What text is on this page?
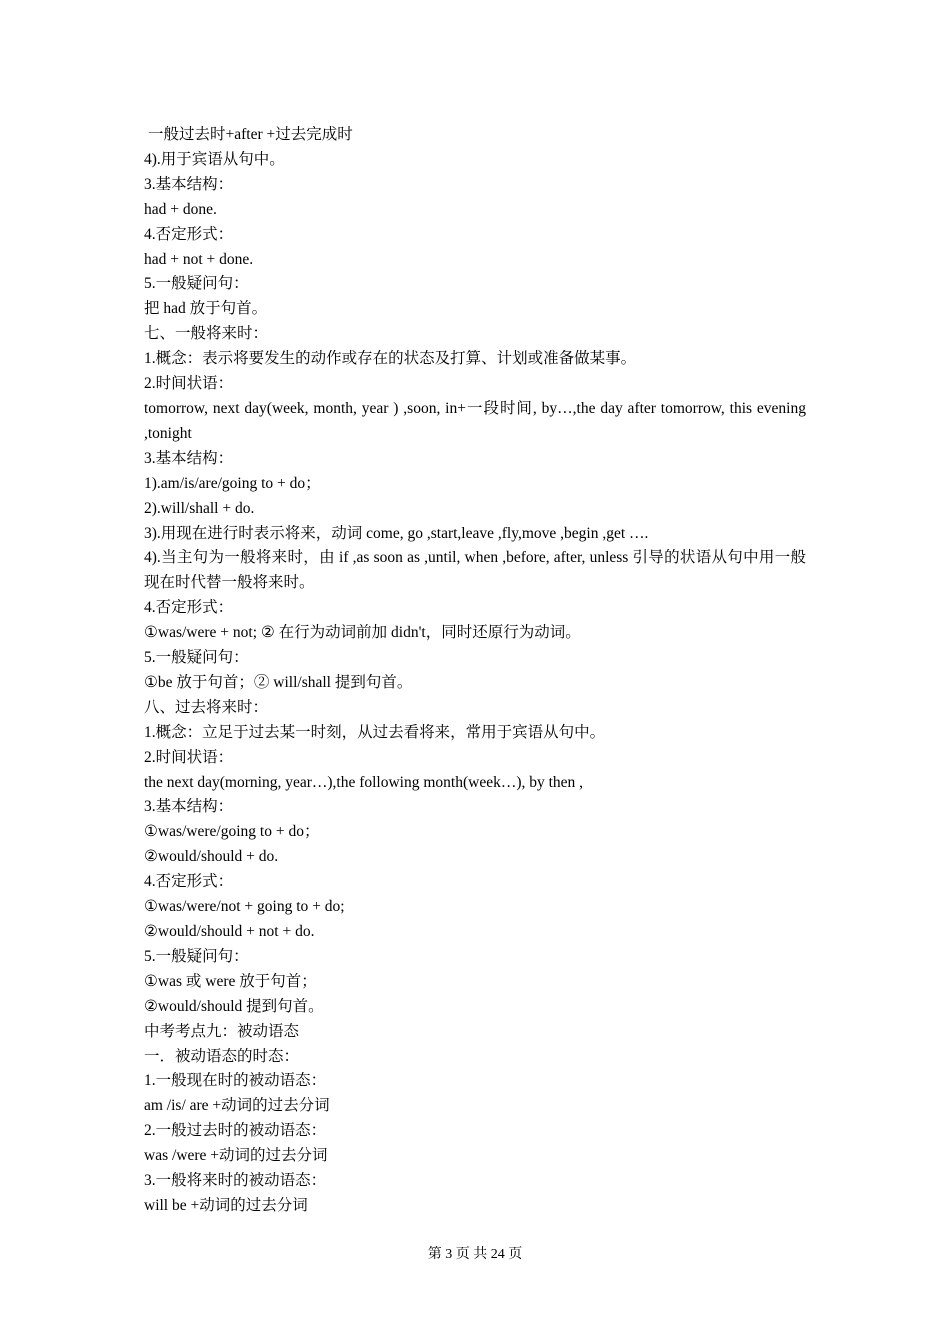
一般过去时+after +过去完成时
4).用于宾语从句中。
3.基本结构：
had + done.
4.否定形式：
had + not + done.
5.一般疑问句：
把 had 放于句首。
七、一般将来时：
1.概念：表示将要发生的动作或存在的状态及打算、计划或准备做某事。
2.时间状语：
tomorrow, next day(week, month, year ) ,soon, in+一段时间, by…,the day after tomorrow, this evening ,tonight
3.基本结构：
1).am/is/are/going to + do；
2).will/shall + do.
3).用现在进行时表示将来，动词 come, go ,start,leave ,fly,move ,begin ,get ….
4).当主句为一般将来时，由 if ,as soon as ,until, when ,before, after, unless 引导的状语从句中用一般现在时代替一般将来时。
4.否定形式：
①was/were + not; ② 在行为动词前加 didn't，同时还原行为动词。
5.一般疑问句：
①be 放于句首；② will/shall 提到句首。
八、过去将来时：
1.概念：立足于过去某一时刻，从过去看将来，常用于宾语从句中。
2.时间状语：
the next day(morning, year…),the following month(week…), by then ,
3.基本结构：
①was/were/going to + do；
②would/should + do.
4.否定形式：
①was/were/not + going to + do;
②would/should + not + do.
5.一般疑问句：
①was 或 were 放于句首；
②would/should 提到句首。
中考考点九：被动语态
一．被动语态的时态：
1.一般现在时的被动语态：
am /is/ are +动词的过去分词
2.一般过去时的被动语态：
was /were +动词的过去分词
3.一般将来时的被动语态：
will be +动词的过去分词
第 3 页 共 24 页
